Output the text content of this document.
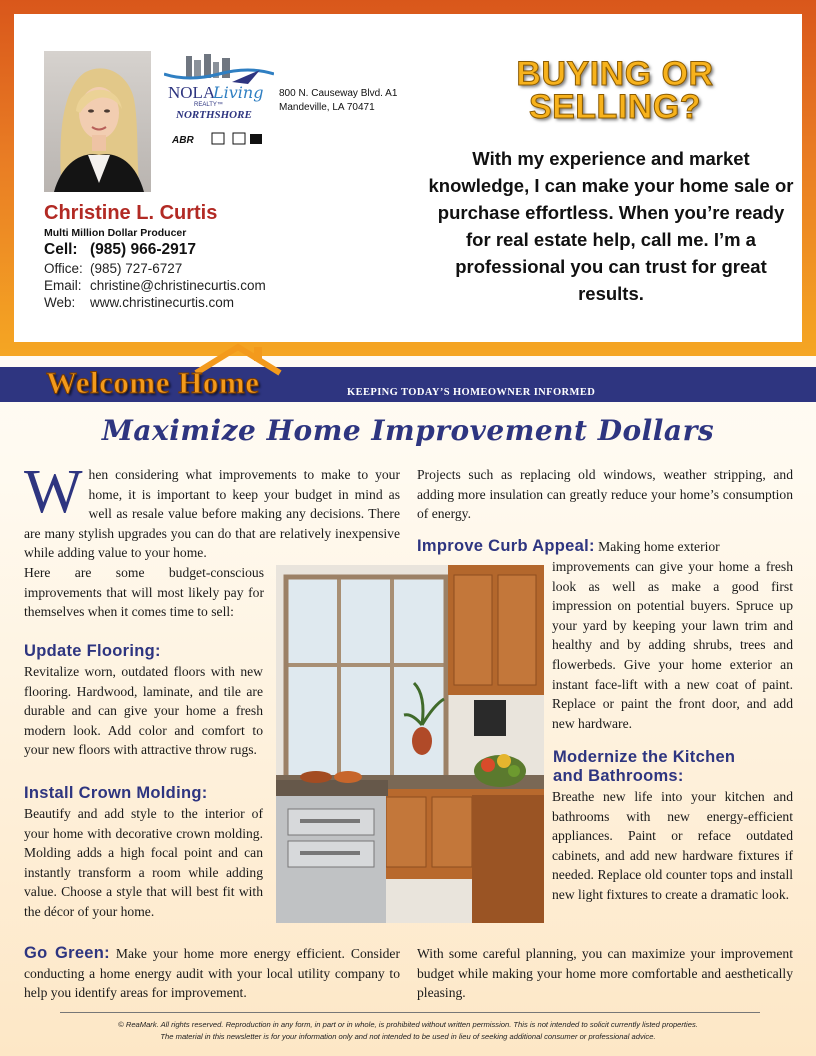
NOLA
Living
REALTY™
NORTHSHORE
ABR
800 N. Causeway Blvd. A1
Mandeville, LA 70471
Christine L. Curtis
Multi Million Dollar Producer
Cell: (985) 966-2917
Office: (985) 727-6727
Email: christine@christinecurtis.com
Web: www.christinecurtis.com
BUYING OR
SELLING?
With my experience and market knowledge, I can make your home sale or purchase effortless. When you’re ready for real estate help, call me. I’m a professional you can trust for great results.
Welcome Home	KEEPING TODAY’S HOMEOWNER INFORMED
Maximize Home Improvement Dollars

When considering what improvements to make to your home, it is important to keep your budget in mind as well as resale value before making any decisions. There are many stylish upgrades you can do that are relatively inexpensive while adding value to your home.

Here are some budget-conscious improvements that will most likely pay for themselves when it comes time to sell:

Update Flooring:

Revitalize worn, outdated floors with new flooring. Hardwood, laminate, and tile are durable and can give your home a fresh modern look. Add color and comfort to your new floors with attractive throw rugs.

Install Crown Molding:

Beautify and add style to the interior of your home with decorative crown molding. Molding adds a high focal point and can instantly transform a room while adding value. Choose a style that will best fit with the décor of your home.

Go Green: Make your home more energy efficient. Consider conducting a home energy audit with your local utility company to help you identify areas for improvement.

Projects such as replacing old windows, weather stripping, and adding more insulation can greatly reduce your home’s consumption of energy.

Improve Curb Appeal: Making home exterior

improvements can give your home a fresh look as well as make a good first impression on potential buyers. Spruce up your yard by keeping your lawn trim and healthy and by adding shrubs, trees and flowerbeds. Give your home exterior an instant face-lift with a new coat of paint. Replace or paint the front door, and add new hardware.

Modernize the Kitchen
and Bathrooms:

Breathe new life into your kitchen and bathrooms with new energy-efficient appliances. Paint or reface outdated cabinets, and add new hardware fixtures if needed. Replace old counter tops and install new light fixtures to create a dramatic look.

With some careful planning, you can maximize your improvement budget while making your home more comfortable and aesthetically pleasing.

© ReaMark. All rights reserved. Reproduction in any form, in part or in whole, is prohibited without written permission. This is not intended to solicit currently listed properties.
The material in this newsletter is for your information only and not intended to be used in lieu of seeking additional consumer or professional advice.
